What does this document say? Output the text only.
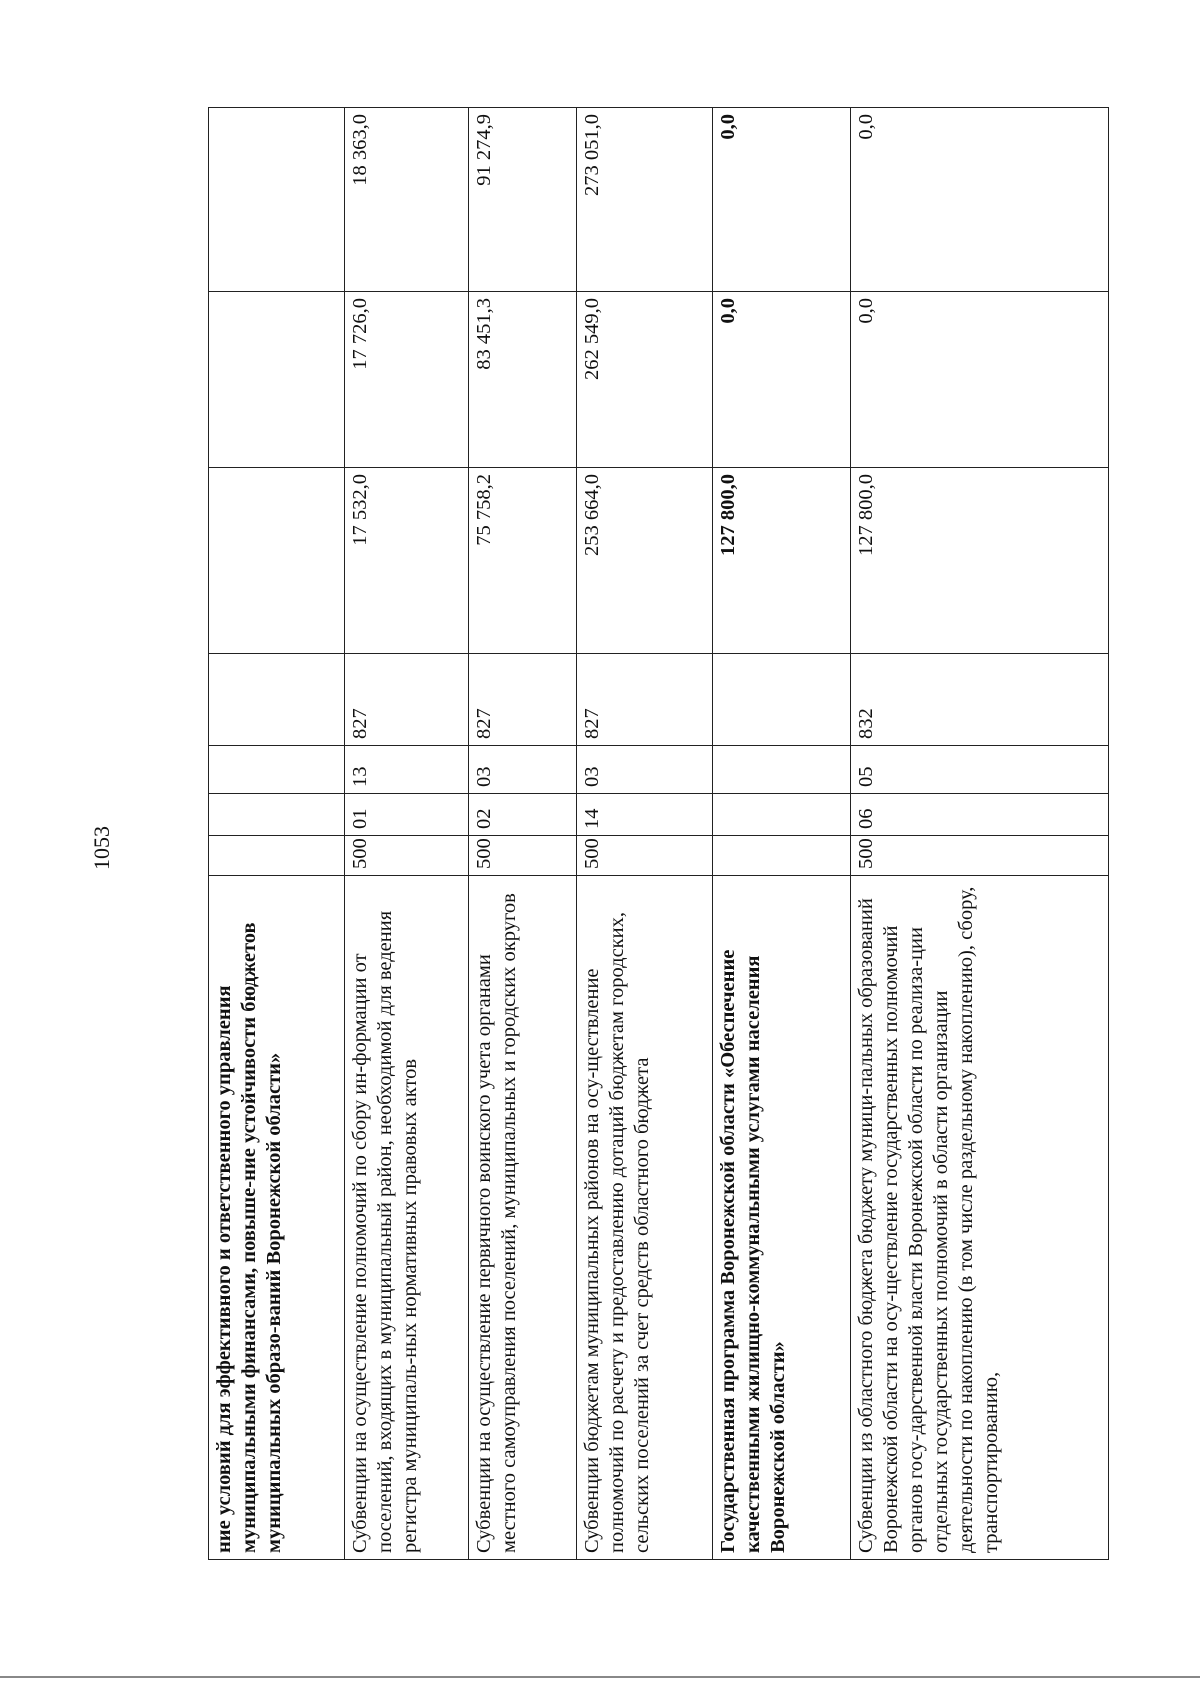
1053
ние условий для эффективного и ответственного управления муниципальными финансами, повыше-ние устойчивости бюджетов муниципальных образо-ваний Воронежской области»							
Субвенции на осуществление полномочий по сбору ин-формации от поселений, входящих в муниципальный район, необходимой для ведения регистра муниципаль-ных нормативных правовых актов	500	01	13	827	17 532,0	17 726,0	18 363,0
Субвенции на осуществление первичного воинского учета органами местного самоуправления поселений, муниципальных и городских округов	500	02	03	827	75 758,2	83 451,3	91 274,9
Субвенции бюджетам муниципальных районов на осу-ществление полномочий по расчету и предоставлению дотаций бюджетам городских, сельских поселений за счет средств областного бюджета	500	14	03	827	253 664,0	262 549,0	273 051,0
Государственная программа Воронежской области «Обеспечение качественными жилищно-коммунальными услугами населения Воронежской области»					127 800,0	0,0	0,0
Субвенции из областного бюджета бюджету муници-пальных образований Воронежской области на осу-ществление государственных полномочий органов госу-дарственной власти Воронежской области по реализа-ции отдельных государственных полномочий в области организации деятельности по накоплению (в том числе раздельному накоплению), сбору, транспортированию,	500	06	05	832	127 800,0	0,0	0,0
